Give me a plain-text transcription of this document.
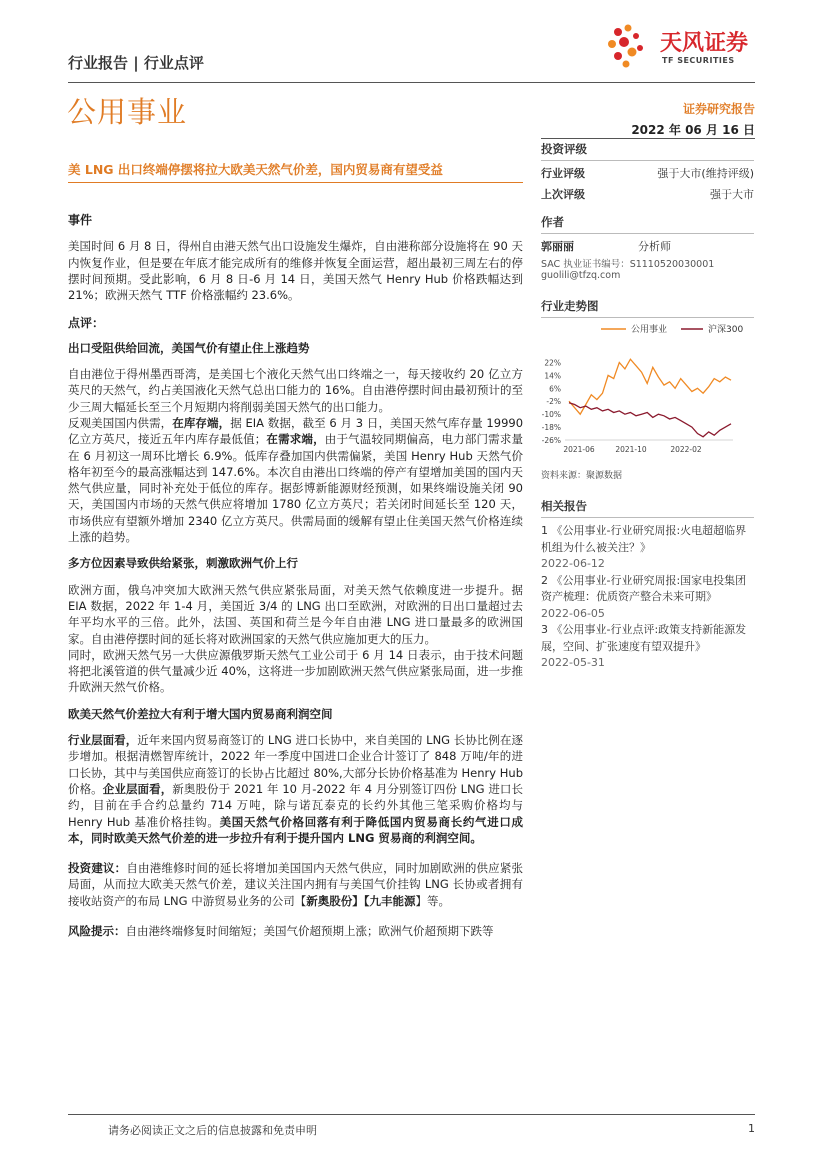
天风证券
TF SECURITIES
行业报告 | 行业点评
公用事业	证券研究报告
2022 年 06 月 16 日
美 LNG 出口终端停摆将拉大欧美天然气价差，国内贸易商有望受益

事件

美国时间 6 月 8 日，得州自由港天然气出口设施发生爆炸，自由港称部分设施将在 90 天内恢复作业，但是要在年底才能完成所有的维修并恢复全面运营，超出最初三周左右的停摆时间预期。受此影响，6 月 8 日-6 月 14 日，美国天然气 Henry Hub 价格跌幅达到 21%；欧洲天然气 TTF 价格涨幅约 23.6%。

点评：

出口受阻供给回流，美国气价有望止住上涨趋势

自由港位于得州墨西哥湾，是美国七个液化天然气出口终端之一，每天接收约 20 亿立方英尺的天然气，约占美国液化天然气总出口能力的 16%。自由港停摆时间由最初预计的至少三周大幅延长至三个月短期内将削弱美国天然气的出口能力。

反观美国国内供需，在库存端，据 EIA 数据，截至 6 月 3 日，美国天然气库存量 19990 亿立方英尺，接近五年内库存最低值；在需求端，由于气温较同期偏高，电力部门需求量在 6 月初这一周环比增长 6.9%。低库存叠加国内供需偏紧，美国 Henry Hub 天然气价格年初至今的最高涨幅达到 147.6%。本次自由港出口终端的停产有望增加美国的国内天然气供应量，同时补充处于低位的库存。据彭博新能源财经预测，如果终端设施关闭 90 天，美国国内市场的天然气供应将增加 1780 亿立方英尺；若关闭时间延长至 120 天，市场供应有望额外增加 2340 亿立方英尺。供需局面的缓解有望止住美国天然气价格连续上涨的趋势。

多方位因素导致供给紧张，刺激欧洲气价上行

欧洲方面，俄乌冲突加大欧洲天然气供应紧张局面，对美天然气依赖度进一步提升。据 EIA 数据，2022 年 1-4 月，美国近 3/4 的 LNG 出口至欧洲，对欧洲的日出口量超过去年平均水平的三倍。此外，法国、英国和荷兰是今年自由港 LNG 进口量最多的欧洲国家。自由港停摆时间的延长将对欧洲国家的天然气供应施加更大的压力。

同时，欧洲天然气另一大供应源俄罗斯天然气工业公司于 6 月 14 日表示，由于技术问题将把北溪管道的供气量减少近 40%，这将进一步加剧欧洲天然气供应紧张局面，进一步推升欧洲天然气价格。

欧美天然气价差拉大有利于增大国内贸易商利润空间

行业层面看，近年来国内贸易商签订的 LNG 进口长协中，来自美国的 LNG 长协比例在逐步增加。根据清燃智库统计，2022 年一季度中国进口企业合计签订了 848 万吨/年的进口长协，其中与美国供应商签订的长协占比超过 80%,大部分长协价格基准为 Henry Hub 价格。企业层面看，新奥股份于 2021 年 10 月-2022 年 4 月分别签订四份 LNG 进口长约，目前在手合约总量约 714 万吨，除与诺瓦泰克的长约外其他三笔采购价格均与 Henry Hub 基准价格挂钩。美国天然气价格回落有利于降低国内贸易商长约气进口成本，同时欧美天然气价差的进一步拉升有利于提升国内 LNG 贸易商的利润空间。

投资建议：自由港维修时间的延长将增加美国国内天然气供应，同时加剧欧洲的供应紧张局面，从而拉大欧美天然气价差，建议关注国内拥有与美国气价挂钩 LNG 长协或者拥有接收站资产的布局 LNG 中游贸易业务的公司【新奥股份】【九丰能源】等。

风险提示：自由港终端修复时间缩短；美国气价超预期上涨；欧洲气价超预期下跌等

投资评级
行业评级	强于大市(维持评级)
上次评级	强于大市
作者
郭丽丽	分析师
SAC 执业证书编号：S1110520030001
guolili@tfzq.com
行业走势图
公用事业	沪深300
22%
14%
6%
-2%
-10%
-18%
-26%
2021-06	2021-10	2022-02
资料来源：聚源数据
相关报告
1 《公用事业-行业研究周报:火电超超临界机组为什么被关注？》
2022-06-12
2 《公用事业-行业研究周报:国家电投集团资产梳理：优质资产整合未来可期》
2022-06-05
3 《公用事业-行业点评:政策支持新能源发展，空间、扩张速度有望双提升》
2022-05-31
请务必阅读正文之后的信息披露和免责申明	1
